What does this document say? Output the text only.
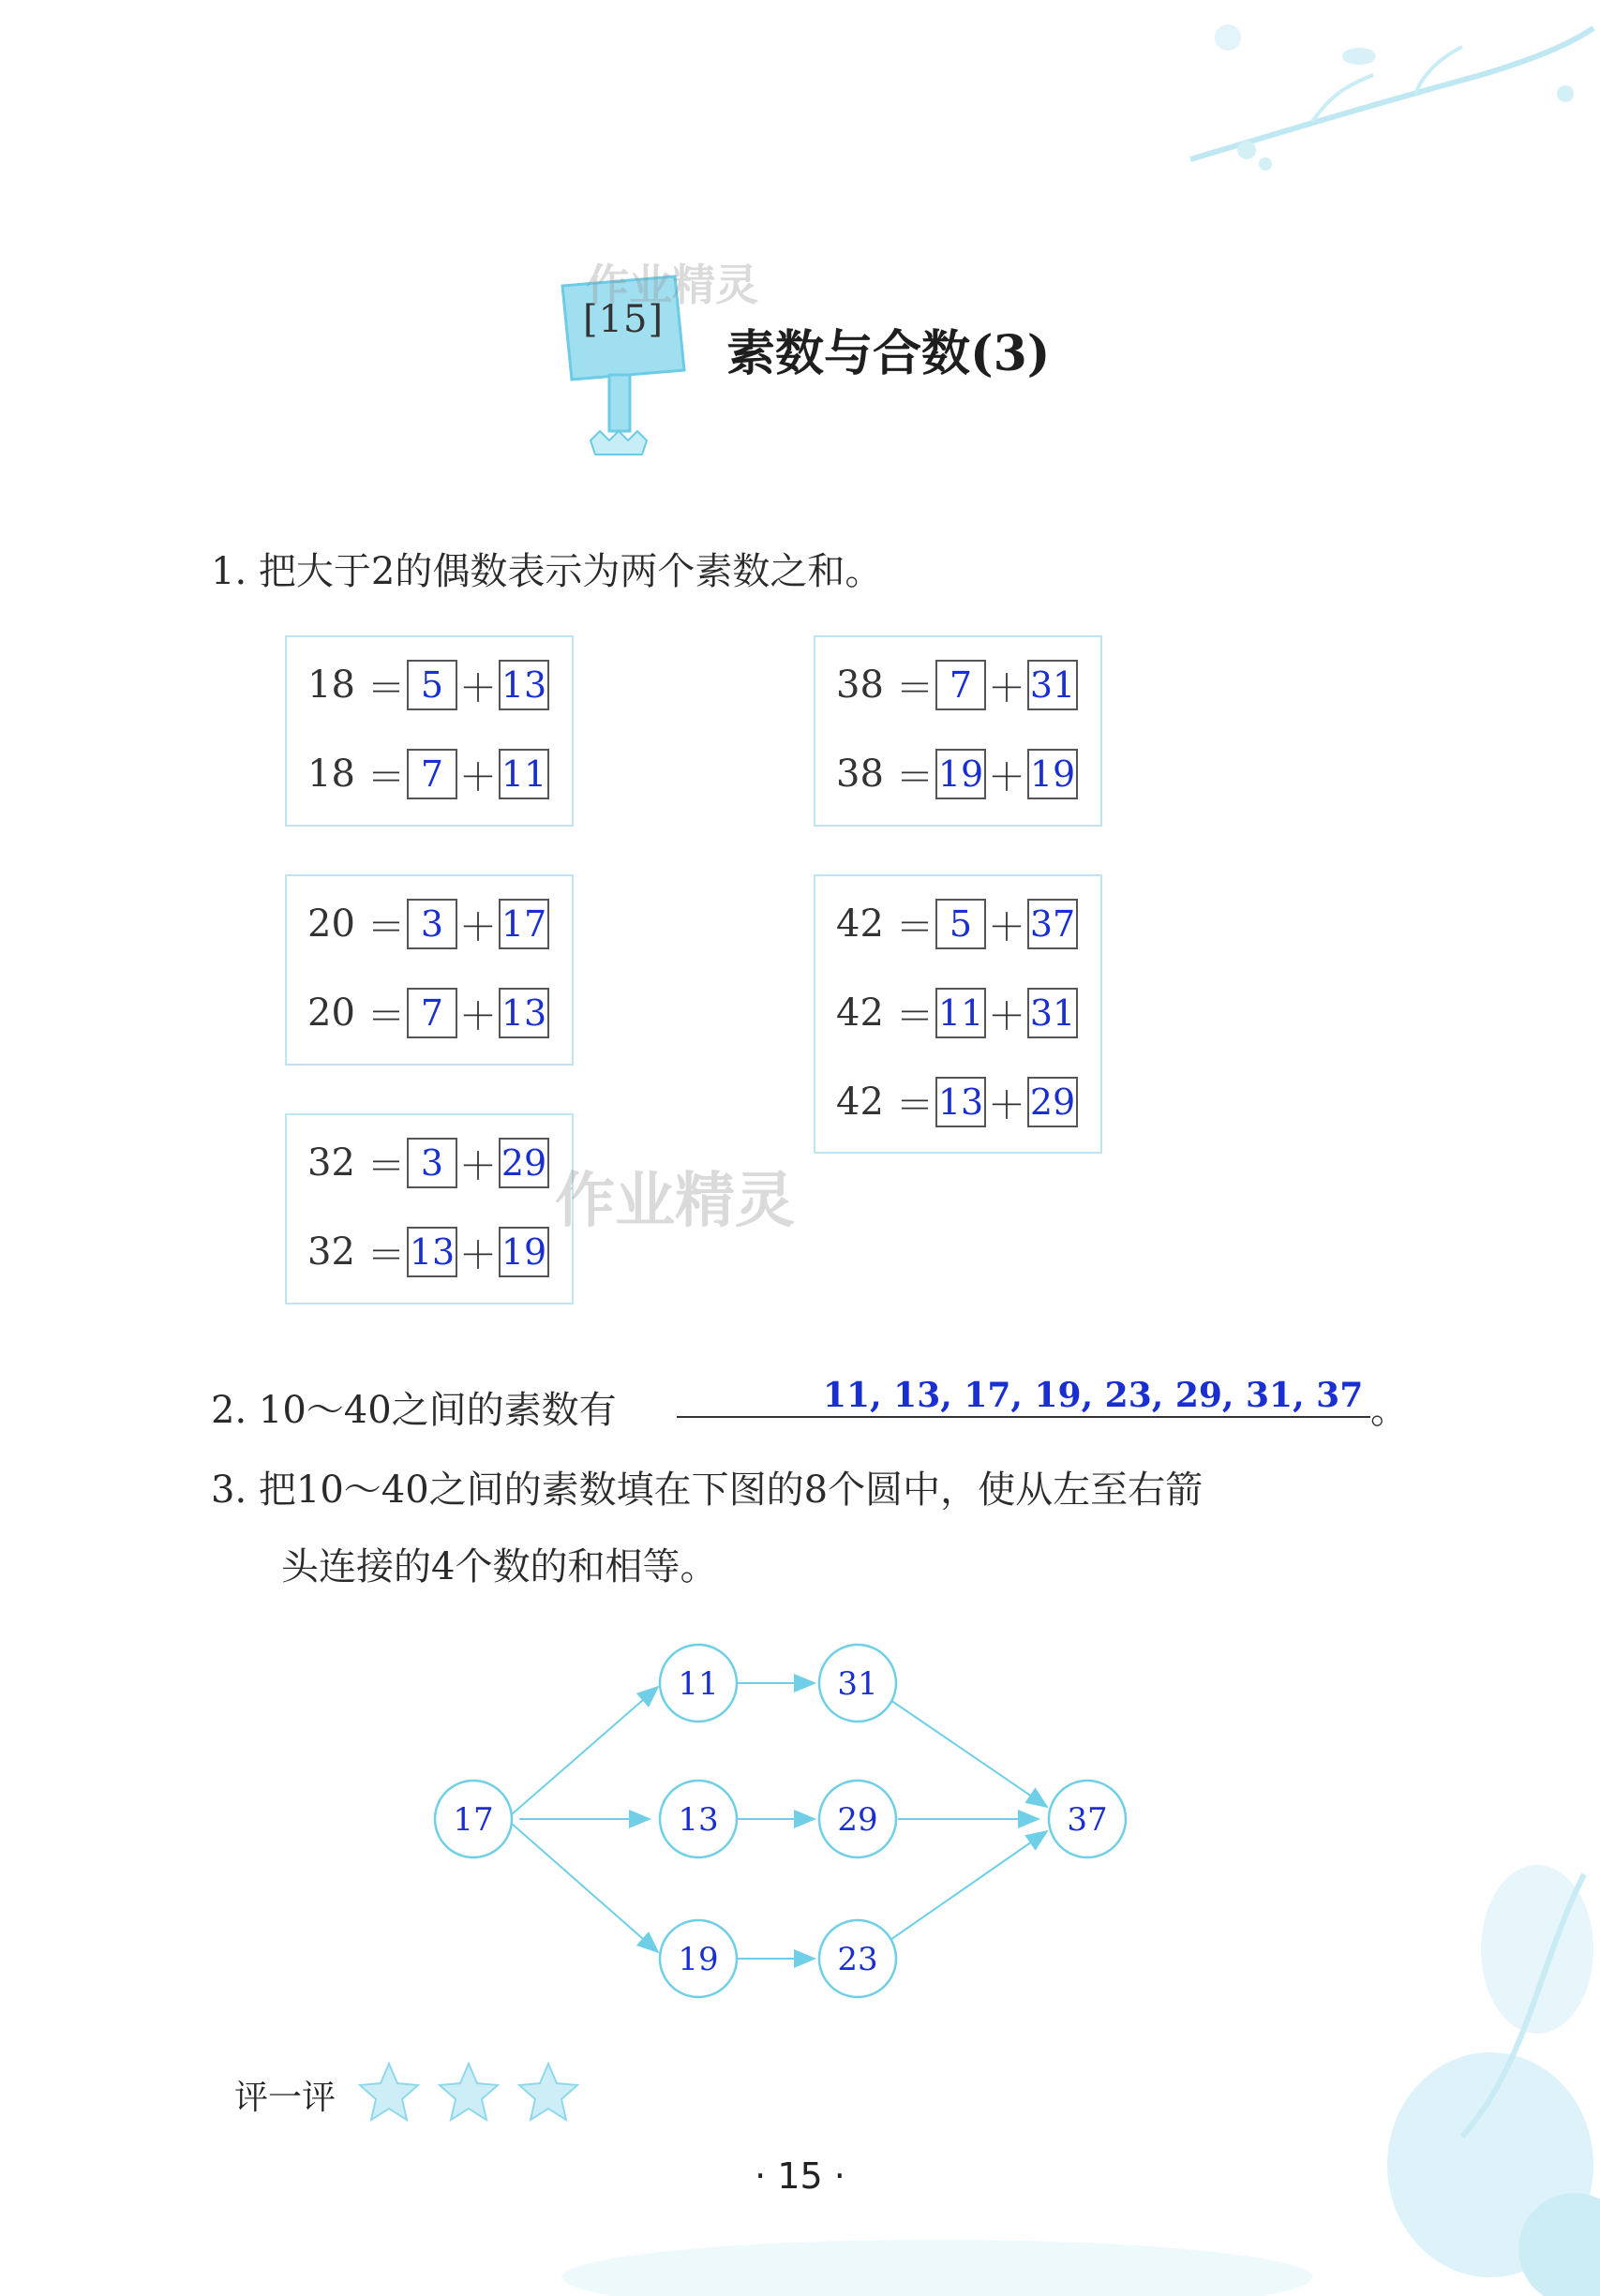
[15]
素数与合数(3)
作业精灵
1. 把大于2的偶数表示为两个素数之和。
18 ＝ 5 ＋ 13
18 ＝ 7 ＋ 11
38 ＝ 7 ＋ 31
38 ＝ 19 ＋ 19
20 ＝ 3 ＋ 17
20 ＝ 7 ＋ 13
42 ＝ 5 ＋ 37
42 ＝ 11 ＋ 31
42 ＝ 13 ＋ 29
32 ＝ 3 ＋ 29
32 ＝ 13 ＋ 19
作业精灵
2. 10～40之间的素数有	11, 13, 17, 19, 23, 29, 31, 37 。
3. 把10～40之间的素数填在下图的8个圆中，使从左至右箭
头连接的4个数的和相等。
17
11
13
19
31
29
23
37
评一评
· 15 ·
